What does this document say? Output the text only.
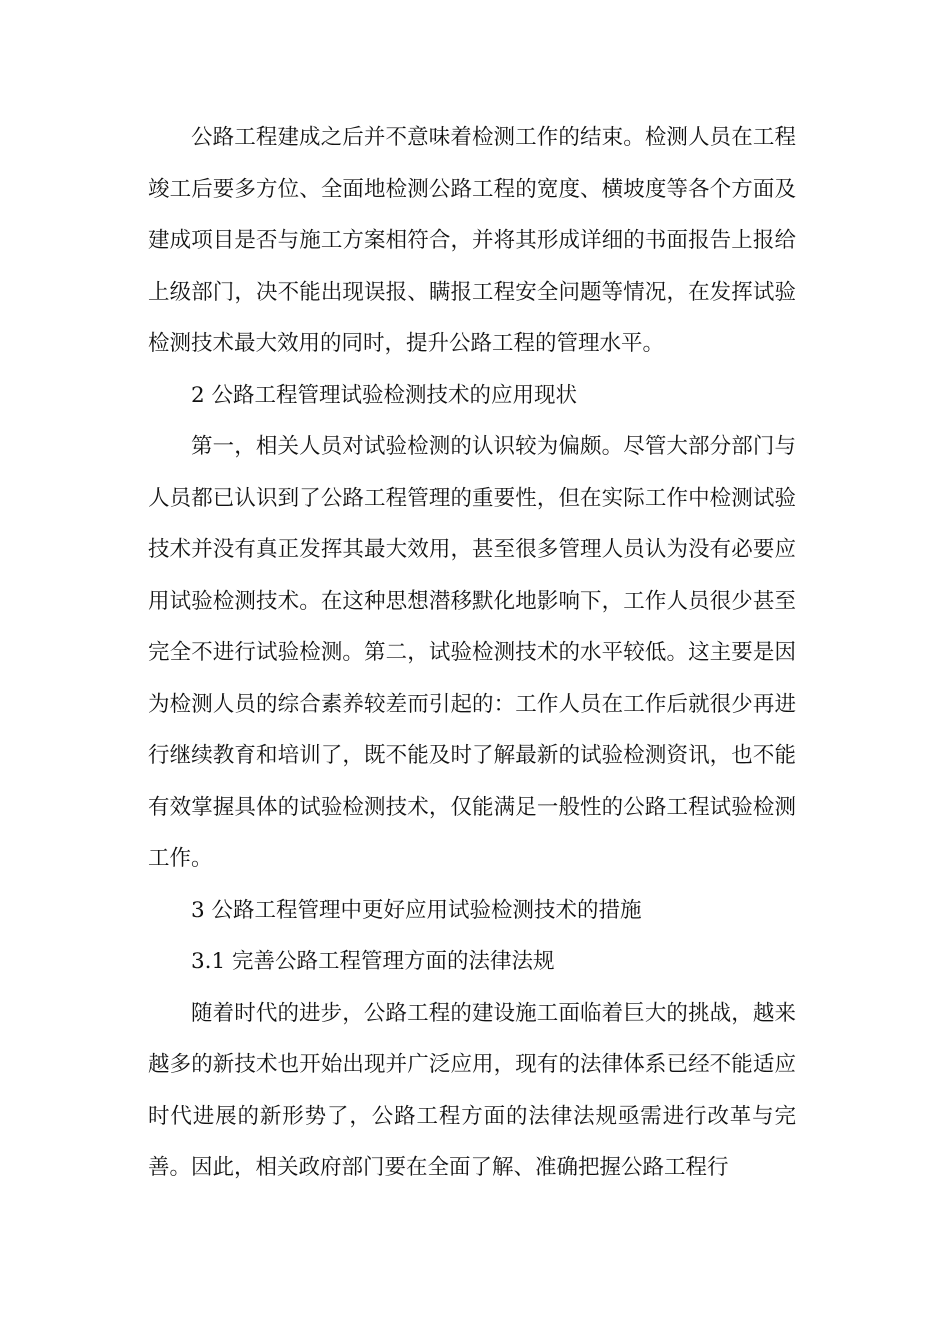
公路工程建成之后并不意味着检测工作的结束。检测人员在工程竣工后要多方位、全面地检测公路工程的宽度、横坡度等各个方面及建成项目是否与施工方案相符合，并将其形成详细的书面报告上报给上级部门，决不能出现误报、瞒报工程安全问题等情况，在发挥试验检测技术最大效用的同时，提升公路工程的管理水平。

2 公路工程管理试验检测技术的应用现状

第一，相关人员对试验检测的认识较为偏颇。尽管大部分部门与人员都已认识到了公路工程管理的重要性，但在实际工作中检测试验技术并没有真正发挥其最大效用，甚至很多管理人员认为没有必要应用试验检测技术。在这种思想潜移默化地影响下，工作人员很少甚至完全不进行试验检测。第二，试验检测技术的水平较低。这主要是因为检测人员的综合素养较差而引起的：工作人员在工作后就很少再进行继续教育和培训了，既不能及时了解最新的试验检测资讯，也不能有效掌握具体的试验检测技术，仅能满足一般性的公路工程试验检测工作。

3 公路工程管理中更好应用试验检测技术的措施

3.1 完善公路工程管理方面的法律法规

随着时代的进步，公路工程的建设施工面临着巨大的挑战，越来越多的新技术也开始出现并广泛应用，现有的法律体系已经不能适应时代进展的新形势了，公路工程方面的法律法规亟需进行改革与完善。因此，相关政府部门要在全面了解、准确把握公路工程行
